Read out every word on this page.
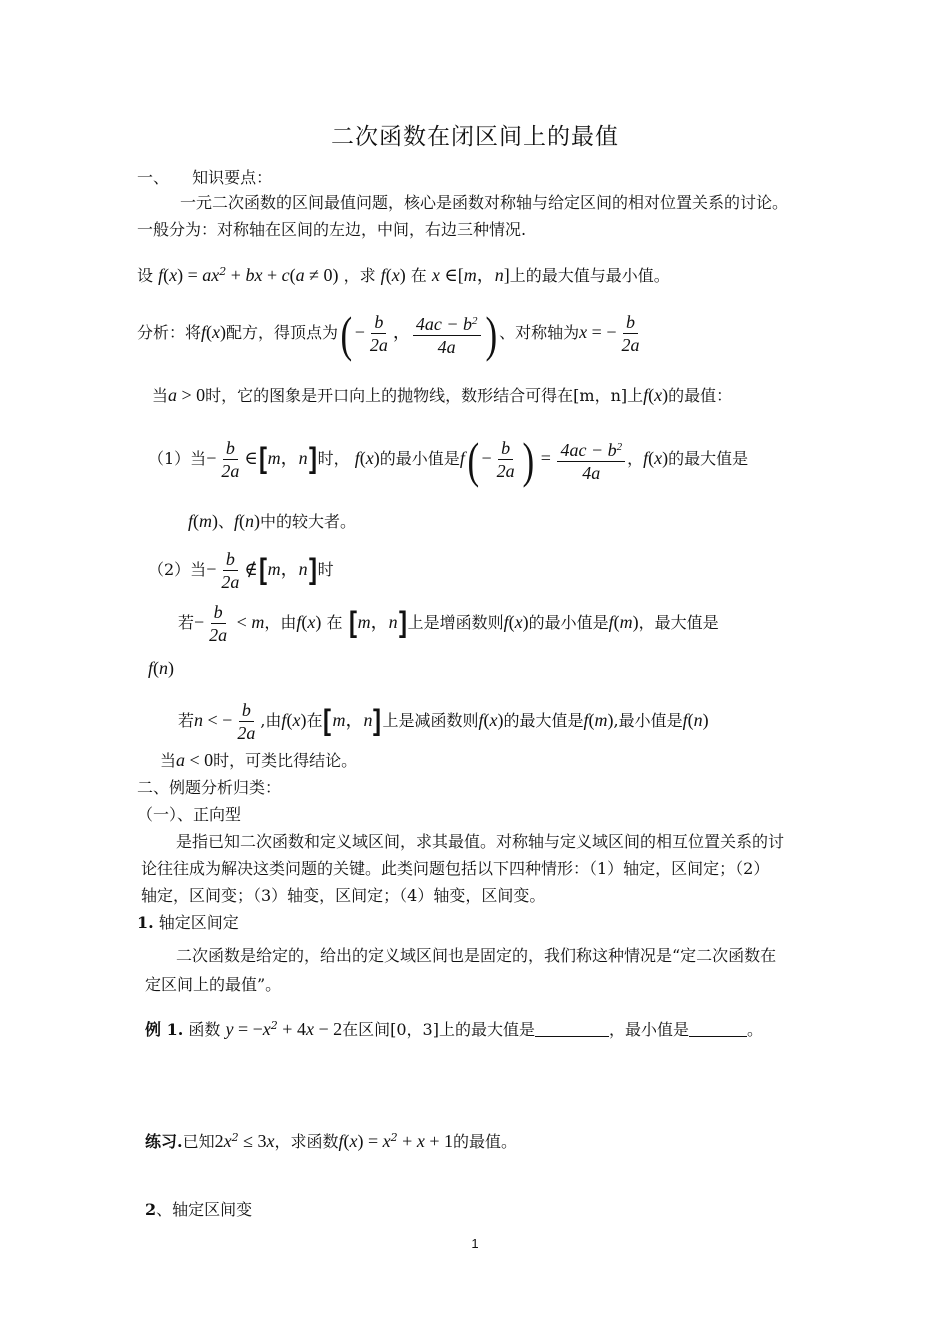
二次函数在闭区间上的最值
一、 知识要点：
一元二次函数的区间最值问题，核心是函数对称轴与给定区间的相对位置关系的讨论。
一般分为：对称轴在区间的左边，中间，右边三种情况.
设 $f(x) = ax^2$ + bx + c(a ≠ 0) ，求 f(x) 在 x ∈[m，n]上的最大值与最小值。
分析：将f(x)配方，得顶点为( − $\frac{b}{2a}$ ， $\frac{4ac - b^2}{4a}$ ) 、对称轴为x = − $\frac{b}{2a}$
当a > 0时，它的图象是开口向上的抛物线，数形结合可得在[m，n]上f(x)的最值：
（1）当− $\frac{b}{2a}$ ∈[m，n]时， f(x)的最小值是$f( - \frac{b}{2a}$ ) = $\frac{4ac - b^2}{4a}$ ，f(x)的最大值是
f(m)、f(n)中的较大者。
（2）当− $\frac{b}{2a}$ ∉[m，n]时
若− $\frac{b}{2a} < m$，由f(x) 在 [m，n]上是增函数则f(x)的最小值是f(m)，最大值是
f(n)
若n < − $\frac{b}{2a}$ ,由f(x)在[m，n]上是减函数则f(x)的最大值是f(m),最小值是f(n)
当a < 0时，可类比得结论。
二、例题分析归类：
（一）、正向型
是指已知二次函数和定义域区间，求其最值。对称轴与定义域区间的相互位置关系的讨
论往往成为解决这类问题的关键。此类问题包括以下四种情形：（1）轴定，区间定；（2）
轴定，区间变；（3）轴变，区间定；（4）轴变，区间变。
1. 轴定区间定
二次函数是给定的，给出的定义域区间也是固定的，我们称这种情况是“定二次函数在
定区间上的最值”。
例 1. 函数 $y = -x^2 + 4x - 2$在区间[0，3]上的最大值是	，最小值是	。
练习.已知$2x^2 \le 3x$，求函数$f(x) = x^2 + x + 1$的最值。
2、轴定区间变
1
